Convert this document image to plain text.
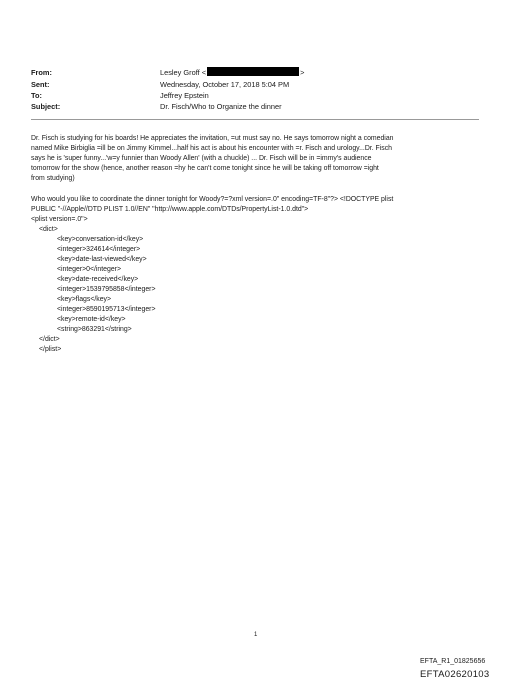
From:	Lesley Groff <	>
Sent:	Wednesday, October 17, 2018 5:04 PM
To:	Jeffrey Epstein
Subject:	Dr. Fisch/Who to Organize the dinner
Dr. Fisch is studying for his boards! He appreciates the invitation, =ut must say no. He says tomorrow night a comedian
named Mike Birbiglia =ill be on Jimmy Kimmel...half his act is about his encounter with =r. Fisch and urology...Dr. Fisch
says he is 'super funny...'w=y funnier than Woody Allen' (with a chuckle) ... Dr. Fisch will be in =immy's audience
tomorrow for the show (hence, another reason =hy he can't come tonight since he will be taking off tomorrow =ight
from studying)
Who would you like to coordinate the dinner tonight for Woody?=?xml version=.0" encoding=TF-8"?> <!DOCTYPE plist
PUBLIC "-//Apple//DTD PLIST 1.0//EN" "http://www.apple.com/DTDs/PropertyList-1.0.dtd">
<plist version=.0">
<dict>
<key>conversation-id</key>
<integer>324614</integer>
<key>date-last-viewed</key>
<integer>0</integer>
<key>date-received</key>
<integer>1539795858</integer>
<key>flags</key>
<integer>8590195713</integer>
<key>remote-id</key>
<string>863291</string>
</dict>
</plist>
1
EFTA_R1_01825656
EFTA02620103
